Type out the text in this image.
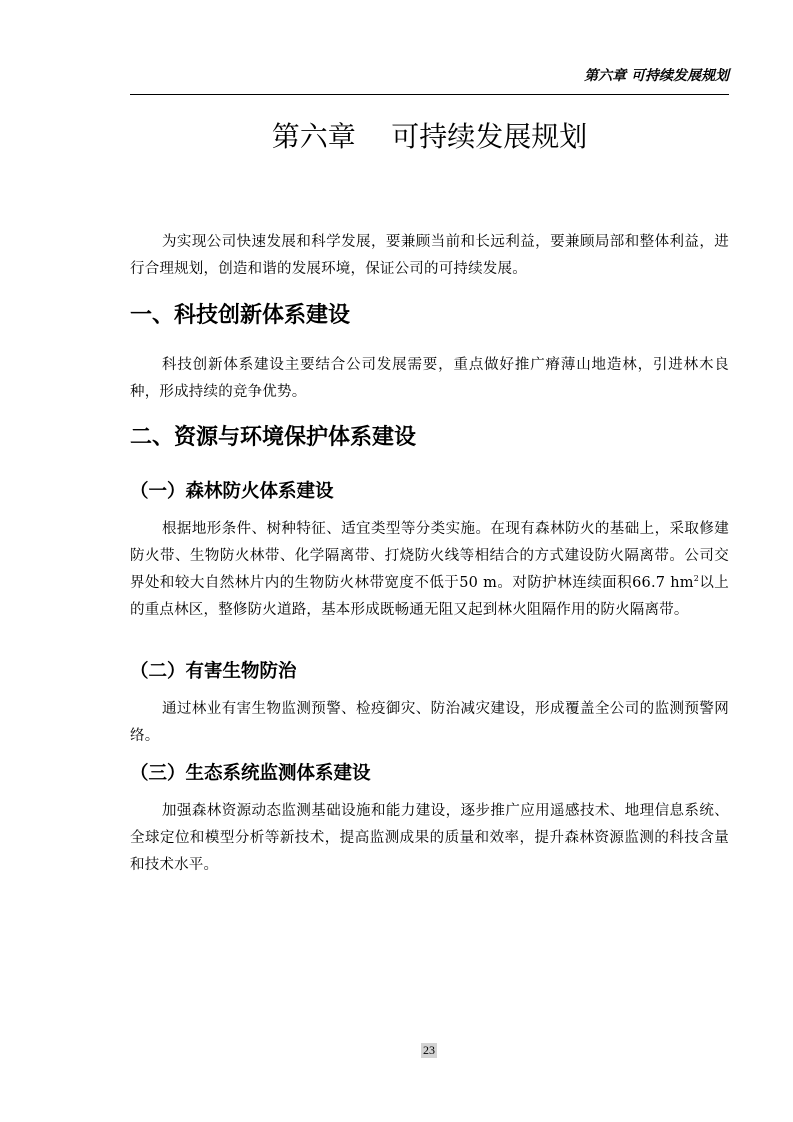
第六章 可持续发展规划
第六章    可持续发展规划

为实现公司快速发展和科学发展，要兼顾当前和长远利益，要兼顾局部和整体利益，进行合理规划，创造和谐的发展环境，保证公司的可持续发展。

一、科技创新体系建设

科技创新体系建设主要结合公司发展需要，重点做好推广瘠薄山地造林，引进林木良种，形成持续的竞争优势。

二、资源与环境保护体系建设
（一）森林防火体系建设

根据地形条件、树种特征、适宜类型等分类实施。在现有森林防火的基础上，采取修建防火带、生物防火林带、化学隔离带、打烧防火线等相结合的方式建设防火隔离带。公司交界处和较大自然林片内的生物防火林带宽度不低于50 m。对防护林连续面积66.7 $hm^2$以上的重点林区，整修防火道路，基本形成既畅通无阻又起到林火阻隔作用的防火隔离带。

（二）有害生物防治

通过林业有害生物监测预警、检疫御灾、防治减灾建设，形成覆盖全公司的监测预警网络。

（三）生态系统监测体系建设

加强森林资源动态监测基础设施和能力建设，逐步推广应用遥感技术、地理信息系统、全球定位和模型分析等新技术，提高监测成果的质量和效率，提升森林资源监测的科技含量和技术水平。

23
